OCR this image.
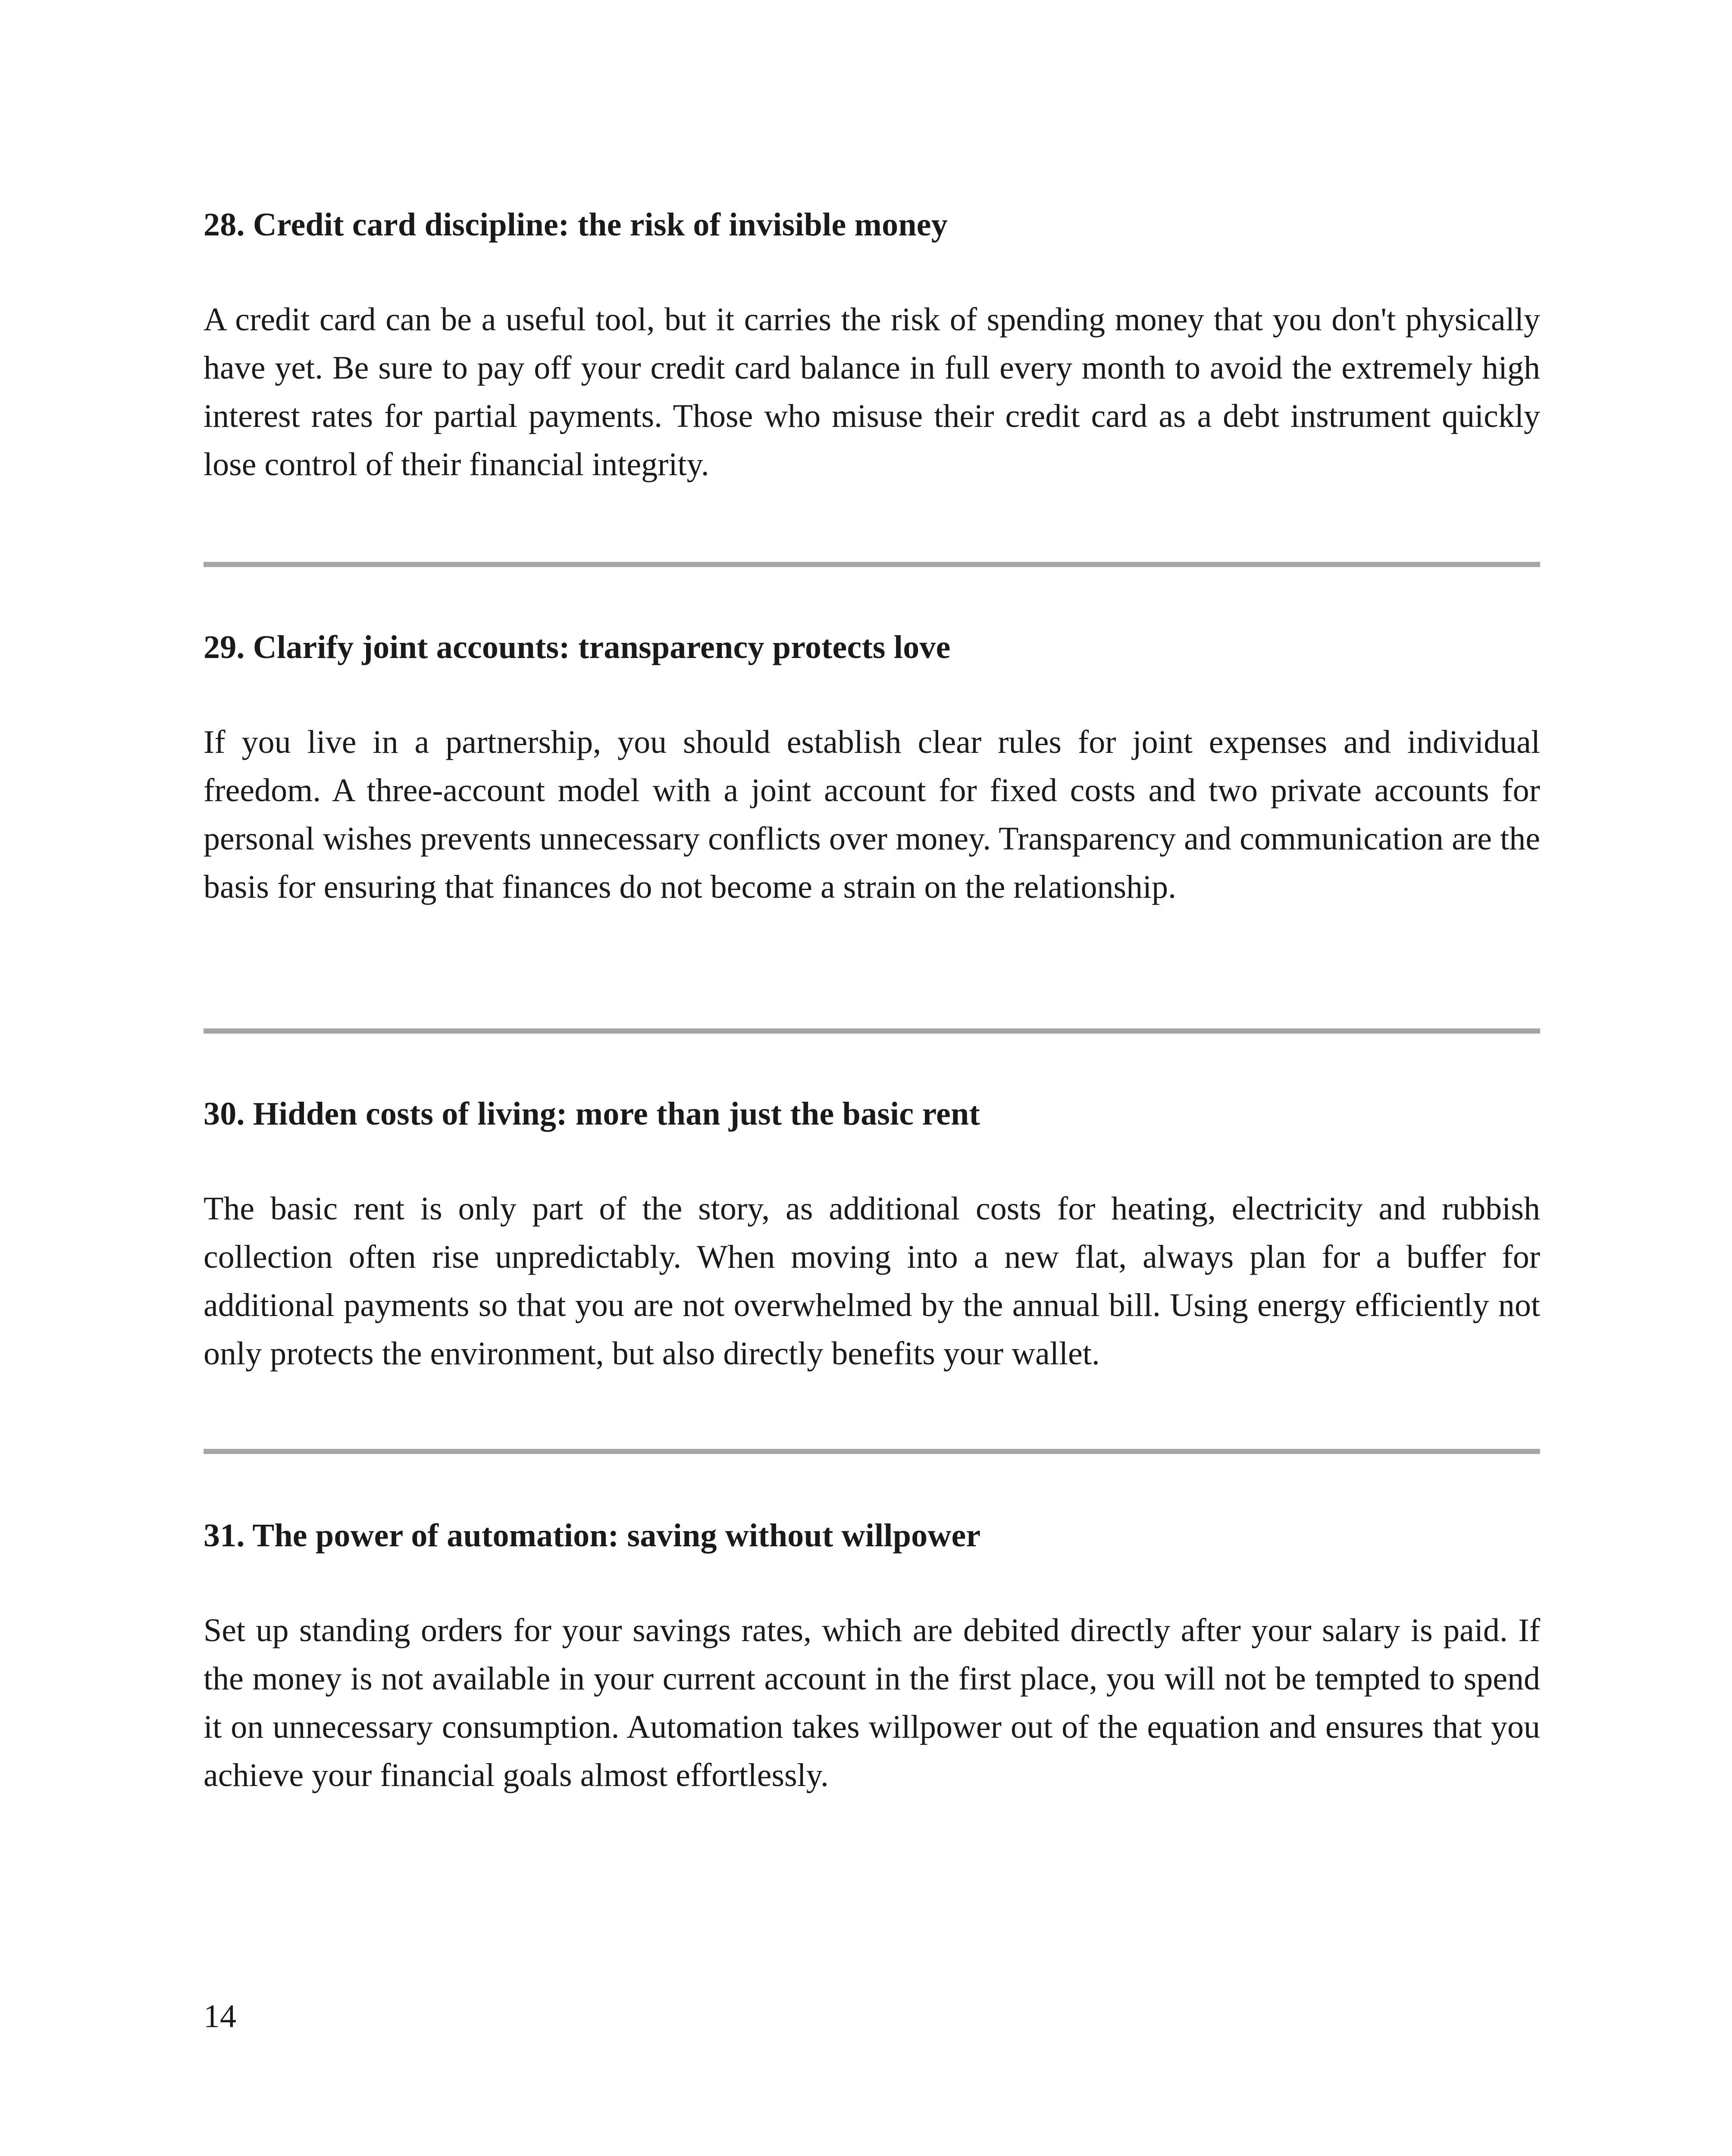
28. Credit card discipline: the risk of invisible money

A credit card can be a useful tool, but it carries the risk of spending money that you don't physically have yet. Be sure to pay off your credit card balance in full every month to avoid the extremely high interest rates for partial payments. Those who misuse their credit card as a debt instrument quickly lose control of their financial integrity.

29. Clarify joint accounts: transparency protects love

If you live in a partnership, you should establish clear rules for joint expenses and individual freedom. A three-account model with a joint account for fixed costs and two private accounts for personal wishes prevents unnecessary conflicts over money. Transparency and communication are the basis for ensuring that finances do not become a strain on the relationship.

30. Hidden costs of living: more than just the basic rent

The basic rent is only part of the story, as additional costs for heating, electricity and rubbish collection often rise unpredictably. When moving into a new flat, always plan for a buffer for additional payments so that you are not overwhelmed by the annual bill. Using energy efficiently not only protects the environment, but also directly benefits your wallet.

31. The power of automation: saving without willpower

Set up standing orders for your savings rates, which are debited directly after your salary is paid. If the money is not available in your current account in the first place, you will not be tempted to spend it on unnecessary consumption. Automation takes willpower out of the equation and ensures that you achieve your financial goals almost effortlessly.

14
